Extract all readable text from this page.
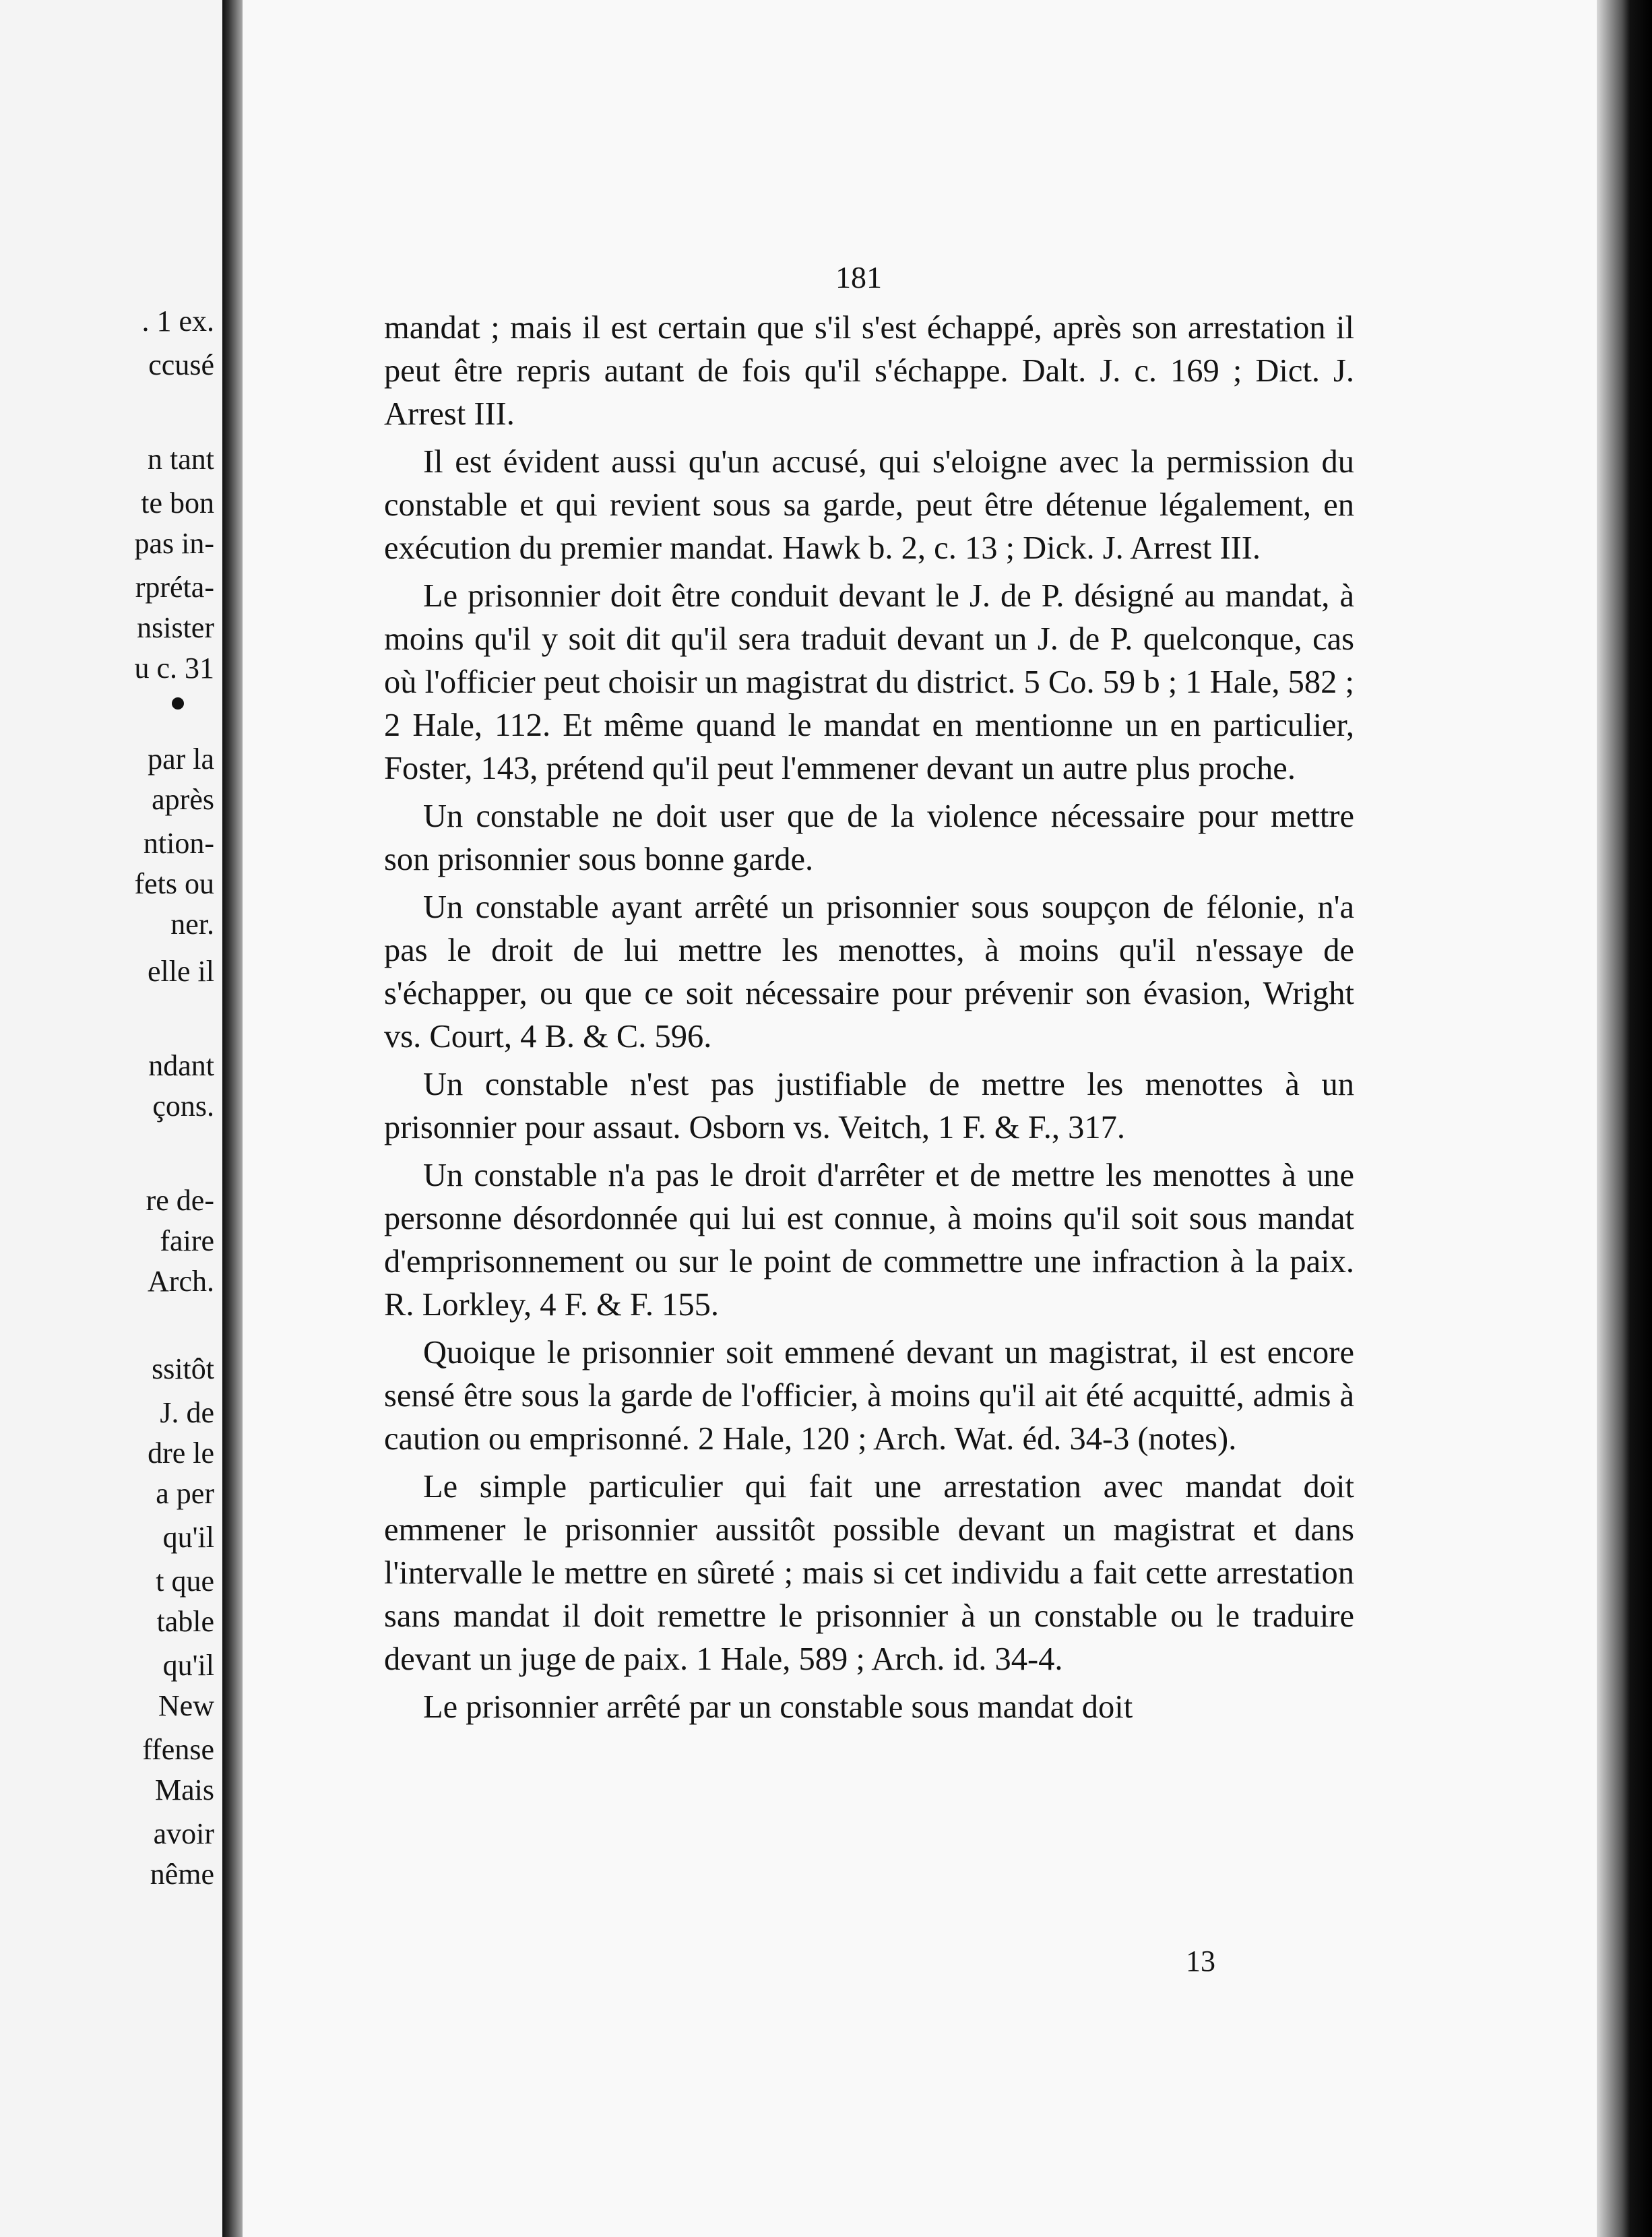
. 1 ex.
ccusé
n tant
te bon
pas in-
rpréta-
nsister
u c. 31
par la
après
ntion-
fets ou
ner.
elle il
ndant
çons.
re de-
faire
Arch.
ssitôt
J. de
dre le
a per
qu'il
t que
table
qu'il
New
ffense
Mais
avoir
nême
181

mandat ; mais il est certain que s'il s'est échappé, après son arrestation il peut être repris autant de fois qu'il s'échappe. Dalt. J. c. 169 ; Dict. J. Arrest III.

Il est évident aussi qu'un accusé, qui s'eloigne avec la permission du constable et qui revient sous sa garde, peut être détenue légalement, en exécution du premier mandat. Hawk b. 2, c. 13 ; Dick. J. Arrest III.

Le prisonnier doit être conduit devant le J. de P. désigné au mandat, à moins qu'il y soit dit qu'il sera traduit devant un J. de P. quelconque, cas où l'officier peut choisir un magistrat du district. 5 Co. 59 b ; 1 Hale, 582 ; 2 Hale, 112. Et même quand le mandat en mentionne un en particulier, Foster, 143, prétend qu'il peut l'emmener devant un autre plus proche.

Un constable ne doit user que de la violence nécessaire pour mettre son prisonnier sous bonne garde.

Un constable ayant arrêté un prisonnier sous soupçon de félonie, n'a pas le droit de lui mettre les menottes, à moins qu'il n'essaye de s'échapper, ou que ce soit nécessaire pour prévenir son évasion, Wright vs. Court, 4 B. & C. 596.

Un constable n'est pas justifiable de mettre les menottes à un prisonnier pour assaut. Osborn vs. Veitch, 1 F. & F., 317.

Un constable n'a pas le droit d'arrêter et de mettre les menottes à une personne désordonnée qui lui est connue, à moins qu'il soit sous mandat d'emprisonnement ou sur le point de commettre une infraction à la paix. R. Lorkley, 4 F. & F. 155.

Quoique le prisonnier soit emmené devant un magistrat, il est encore sensé être sous la garde de l'officier, à moins qu'il ait été acquitté, admis à caution ou emprisonné. 2 Hale, 120 ; Arch. Wat. éd. 34-3 (notes).

Le simple particulier qui fait une arrestation avec mandat doit emmener le prisonnier aussitôt possible devant un magistrat et dans l'intervalle le mettre en sûreté ; mais si cet individu a fait cette arrestation sans mandat il doit remettre le prisonnier à un constable ou le traduire devant un juge de paix. 1 Hale, 589 ; Arch. id. 34-4.

Le prisonnier arrêté par un constable sous mandat doit

13
